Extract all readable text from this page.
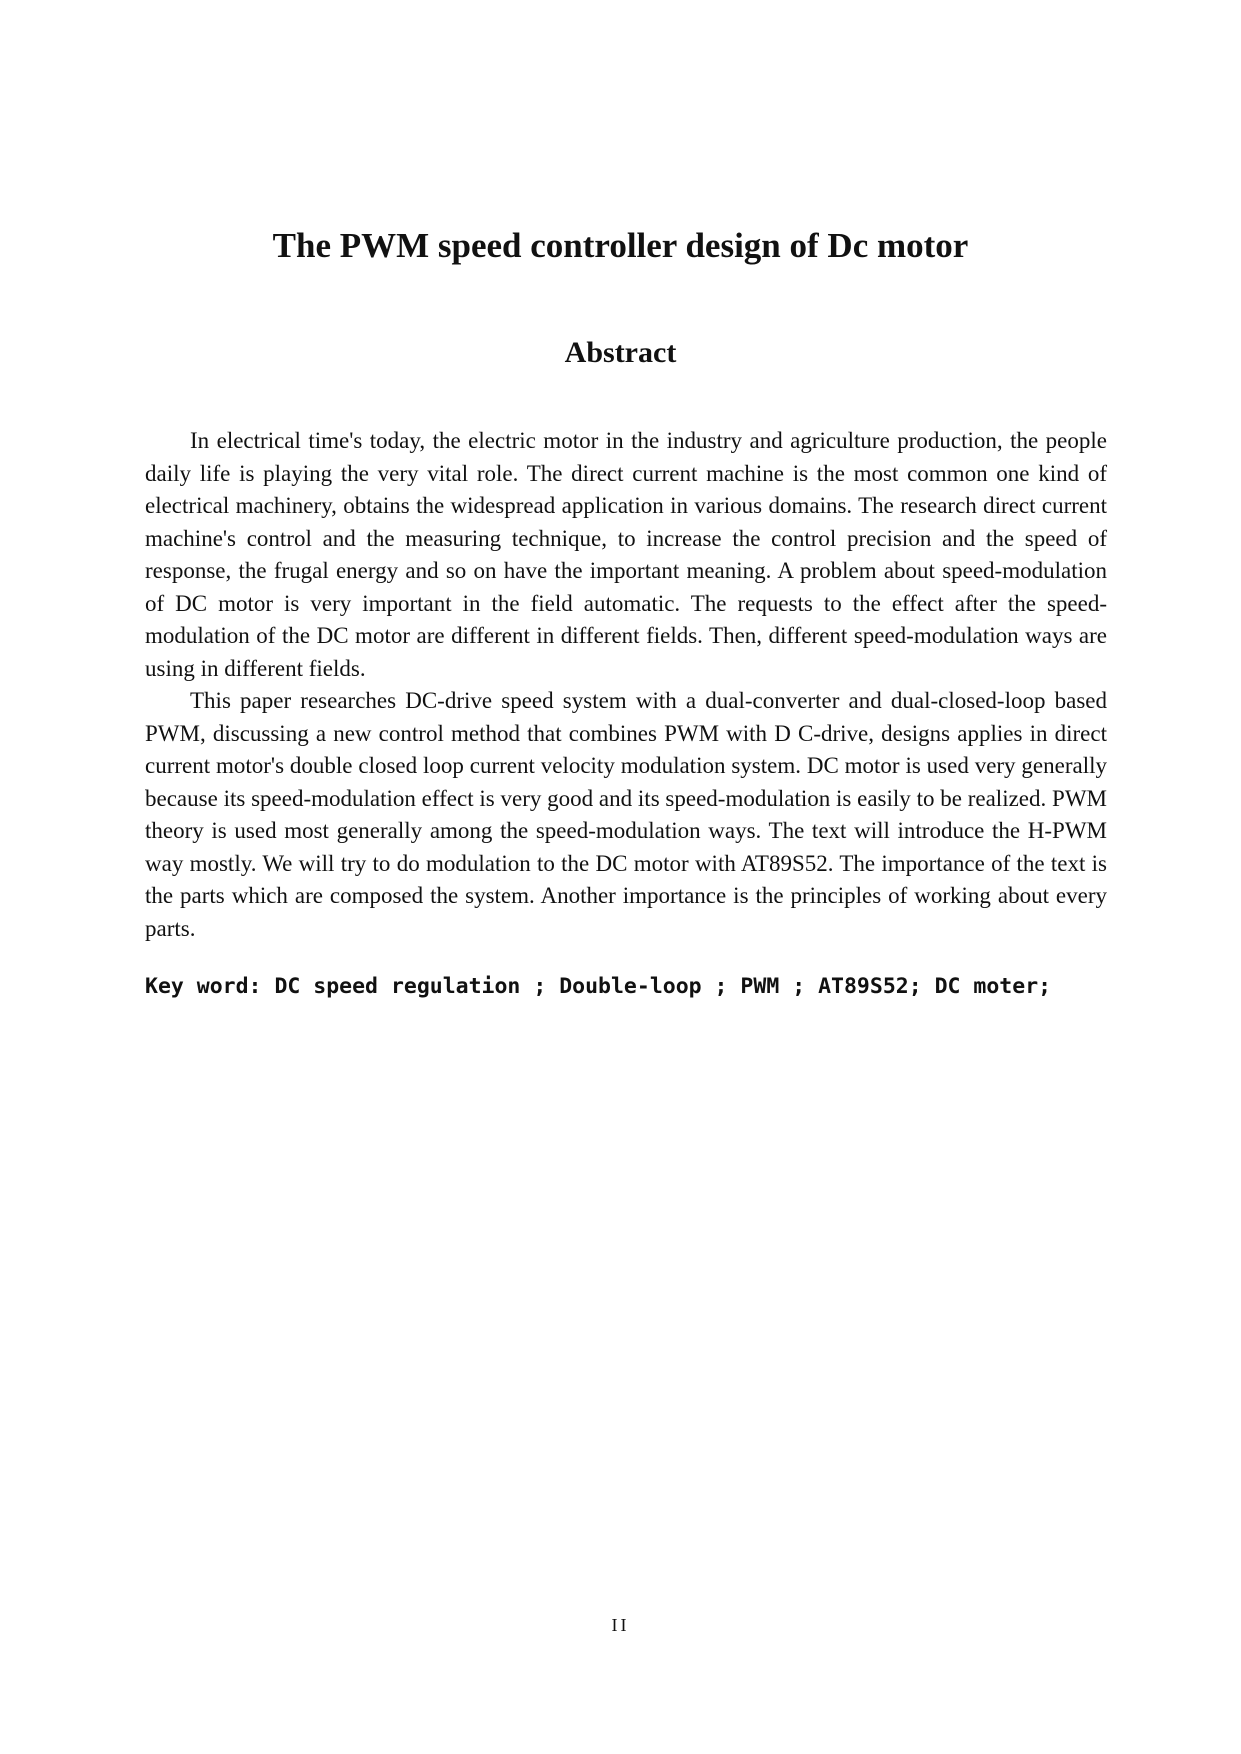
The PWM speed controller design of Dc motor
Abstract

In electrical time's today, the electric motor in the industry and agriculture production, the people daily life is playing the very vital role. The direct current machine is the most common one kind of electrical machinery, obtains the widespread application in various domains. The research direct current machine's control and the measuring technique, to increase the control precision and the speed of response, the frugal energy and so on have the important meaning. A problem about speed-modulation of DC motor is very important in the field automatic. The requests to the effect after the speed-modulation of the DC motor are different in different fields. Then, different speed-modulation ways are using in different fields.

This paper researches DC-drive speed system with a dual-converter and dual-closed-loop based PWM, discussing a new control method that combines PWM with D C-drive, designs applies in direct current motor's double closed loop current velocity modulation system. DC motor is used very generally because its speed-modulation effect is very good and its speed-modulation is easily to be realized. PWM theory is used most generally among the speed-modulation ways. The text will introduce the H-PWM way mostly. We will try to do modulation to the DC motor with AT89S52. The importance of the text is the parts which are composed the system. Another importance is the principles of working about every parts.

Key word: DC speed regulation ; Double-loop ; PWM ; AT89S52; DC moter;

II
